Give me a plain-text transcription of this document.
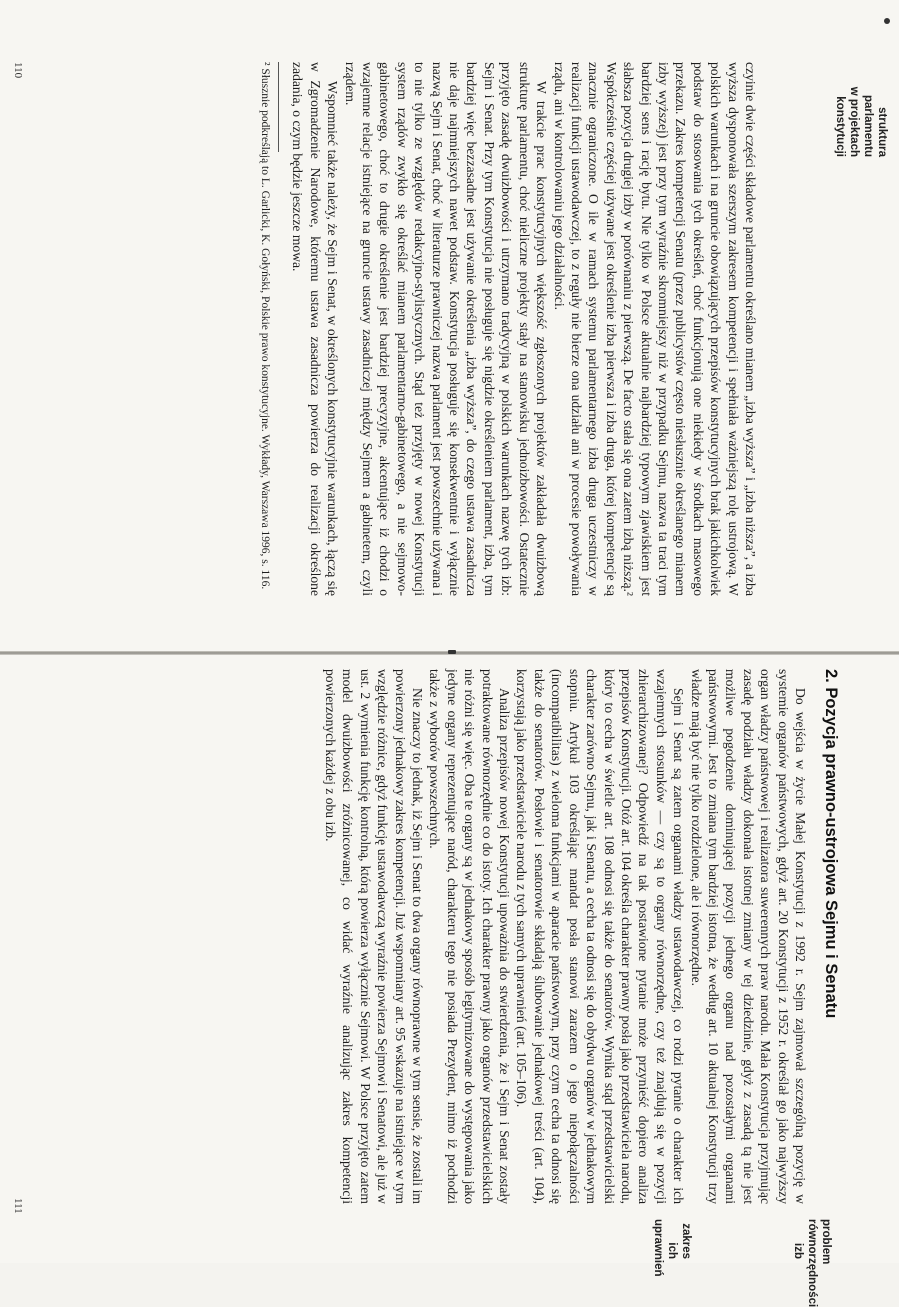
struktura parlamentu w projektach konstytucji

czyinie dwie części składowe parlamentu określano mianem „izba wyższa” i „izba niższa”, a izba wyższa dysponowała szerszym zakresem kompetencji i spełniała ważniejszą rolę ustrojową. W polskich warunkach i na gruncie obowiązujących przepisów konstytucyjnych brak jakichkolwiek podstaw do stosowania tych określeń, choć funkcjonują one niekiedy w środkach masowego przekazu. Zakres kompetencji Senatu (przez publicystów często niesłusznie określanego mianem izby wyższej) jest przy tym wyraźnie skromniejszy niż w przypadku Sejmu, nazwa ta traci tym bardziej sens i rację bytu. Nie tylko w Polsce aktualnie najbardziej typowym zjawiskiem jest słabsza pozycja drugiej izby w porównaniu z pierwszą. De facto stała się ona zatem izbą niższą.² Współcześnie częściej używane jest określenie izba pierwsza i izba druga, której kompetencje są znacznie ograniczone. O ile w ramach systemu parlamentarnego izba druga uczestniczy w realizacji funkcji ustawodawczej, to z reguły nie bierze ona udziału ani w procesie powoływania rządu, ani w kontrolowaniu jego działalności.

W trakcie prac konstytucyjnych większość zgłoszonych projektów zakładała dwuizbową strukturę parlamentu, choć nieliczne projekty stały na stanowisku jednoizbowości. Ostatecznie przyjęto zasadę dwuizbowości i utrzymano tradycyjną w polskich warunkach nazwę tych izb: Sejm i Senat. Przy tym Konstytucja nie posługuje się nigdzie określeniem parlament, izba, tym bardziej więc bezzasadne jest używanie określenia „izba wyższa”, do czego ustawa zasadnicza nie daje najmniejszych nawet podstaw. Konstytucja posługuje się konsekwentnie i wyłącznie nazwą Sejm i Senat, choć w literaturze prawniczej nazwa parlament jest powszechnie używana i to nie tylko ze względów redakcyjno-stylistycznych. Stąd też przyjęty w nowej Konstytucji system rządów zwykło się określać mianem parlamentarno-gabinetowego, a nie sejmowo-gabinetowego, choć to drugie określenie jest bardziej precyzyjne, akcentujące iż chodzi o wzajemne relacje istniejące na gruncie ustawy zasadniczej między Sejmem a gabinetem, czyli rządem.

Wspomnieć także należy, że Sejm i Senat, w określonych konstytucyjnie warunkach, łączą się w Zgromadzenie Narodowe, któremu ustawa zasadnicza powierza do realizacji określone zadania, o czym będzie jeszcze mowa.

² Słusznie podkreślają to L. Garlicki, K. Gołyński, Polskie prawo konstytucyjne. Wykłady, Warszawa 1996, s. 116.

110
2. Pozycja prawno-ustrojowa Sejmu i Senatu

Do wejścia w życie Małej Konstytucji z 1992 r. Sejm zajmował szczególną pozycję w systemie organów państwowych, gdyż art. 20 Konstytucji z 1952 r. określał go jako najwyższy organ władzy państwowej i realizatora suwerennych praw narodu. Mała Konstytucja przyjmując zasadę podziału władzy dokonała istotnej zmiany w tej dziedzinie, gdyż z zasadą tą nie jest możliwe pogodzenie dominującej pozycji jednego organu nad pozostałymi organami państwowymi. Jest to zmiana tym bardziej istotna, że według art. 10 aktualnej Konstytucji trzy władze mają być nie tylko rozdzielone, ale i równorzędne.

Sejm i Senat są zatem organami władzy ustawodawczej, co rodzi pytanie o charakter ich wzajemnych stosunków — czy są to organy równorzędne, czy też znajdują się w pozycji zhierarchizowanej? Odpowiedź na tak postawione pytanie może przynieść dopiero analiza przepisów Konstytucji. Otóż art. 104 określa charakter prawny posła jako przedstawiciela narodu, który to cecha w świetle art. 108 odnosi się także do senatorów. Wynika stąd przedstawicielski charakter zarówno Sejmu, jak i Senatu, a cecha ta odnosi się do obydwu organów w jednakowym stopniu. Artykuł 103 określając mandat posła stanowi zarazem o jego niepołączalności (incompatibilitas) z wieloma funkcjami w aparacie państwowym, przy czym cecha ta odnosi się także do senatorów. Posłowie i senatorowie składają ślubowanie jednakowej treści (art. 104), korzystają jako przedstawiciele narodu z tych samych uprawnień (art. 105–106).

Analiza przepisów nowej Konstytucji upoważnia do stwierdzenia, że i Sejm i Senat zostały potraktowane równorzędnie co do istoty. Ich charakter prawny jako organów przedstawicielskich nie różni się więc. Oba te organy są w jednakowy sposób legitymizowane do występowania jako jedyne organy reprezentujące naród, charakteru tego nie posiada Prezydent, mimo iż pochodzi także z wyborów powszechnych.

Nie znaczy to jednak, iż Sejm i Senat to dwa organy równoprawne w tym sensie, że zostali im powierzony jednakowy zakres kompetencji. Już wspomniany art. 95 wskazuje na istniejące w tym względzie różnice, gdyż funkcję ustawodawczą wyraźnie powierza Sejmowi i Senatowi, ale już w ust. 2 wymienia funkcję kontrolną, którą powierza wyłącznie Sejmowi. W Polsce przyjęto zatem model dwuizbowości zróżnicowanej, co widać wyraźnie analizując zakres kompetencji powierzonych każdej z obu izb.

problem równorzędności izb
zakres ich uprawnień
111
